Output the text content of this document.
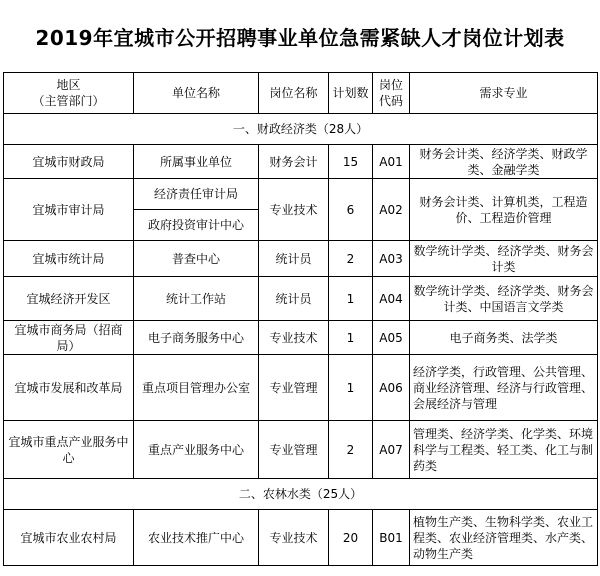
2019年宜城市公开招聘事业单位急需紧缺人才岗位计划表
地区
（主管部门）	单位名称	岗位名称	计划数	岗位代码	需求专业
一、财政经济类（28人）					
宜城市财政局	所属事业单位	财务会计	15	A01	财务会计类、经济学类、财政学类、金融学类
宜城市审计局	经济责任审计局	专业技术	6	A02	财务会计类、计算机类，工程造价、工程造价管理
	政府投资审计中心				
宜城市统计局	普查中心	统计员	2	A03	数学统计学类、经济学类、财务会计类
宜城经济开发区	统计工作站	统计员	1	A04	数学统计学类、经济学类、财务会计类、中国语言文学类
宜城市商务局（招商局）	电子商务服务中心	专业技术	1	A05	电子商务类、法学类
宜城市发展和改革局	重点项目管理办公室	专业管理	1	A06	经济学类，行政管理、公共管理、商业经济管理、经济与行政管理、会展经济与管理
宜城市重点产业服务中心	重点产业服务中心	专业管理	2	A07	管理类、经济学类、化学类、环境科学与工程类、轻工类、化工与制药类
二、农林水类（25人）					
宜城市农业农村局	农业技术推广中心	专业技术	20	B01	植物生产类、生物科学类、农业工程类、农业经济管理类、水产类、动物生产类
